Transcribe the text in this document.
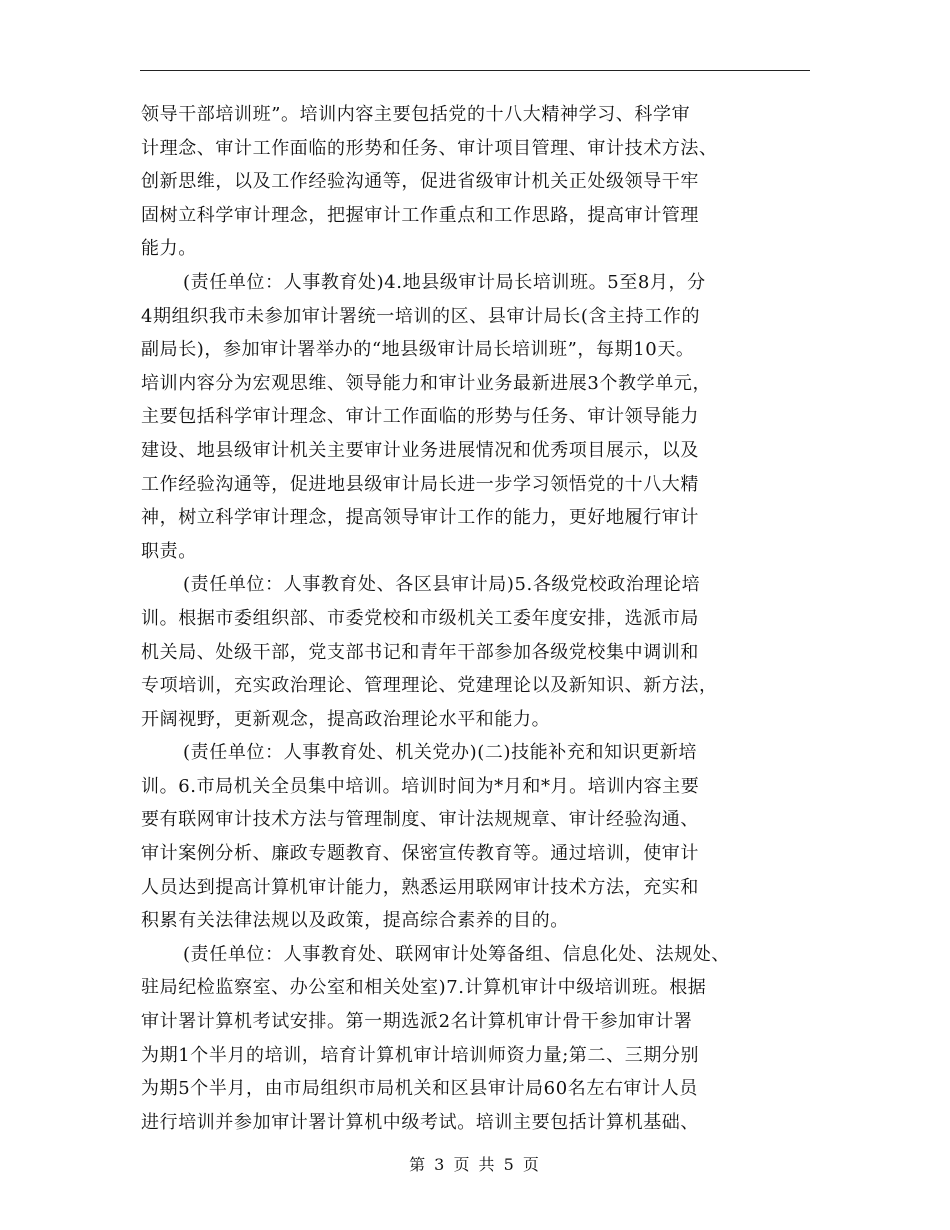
领导干部培训班”。培训内容主要包括党的十八大精神学习、科学审
计理念、审计工作面临的形势和任务、审计项目管理、审计技术方法、
创新思维，以及工作经验沟通等，促进省级审计机关正处级领导干牢
固树立科学审计理念，把握审计工作重点和工作思路，提高审计管理
能力。
(责任单位：人事教育处)4.地县级审计局长培训班。5至8月，分
4期组织我市未参加审计署统一培训的区、县审计局长(含主持工作的
副局长)，参加审计署举办的“地县级审计局长培训班”，每期10天。
培训内容分为宏观思维、领导能力和审计业务最新进展3个教学单元，
主要包括科学审计理念、审计工作面临的形势与任务、审计领导能力
建设、地县级审计机关主要审计业务进展情况和优秀项目展示，以及
工作经验沟通等，促进地县级审计局长进一步学习领悟党的十八大精
神，树立科学审计理念，提高领导审计工作的能力，更好地履行审计
职责。
(责任单位：人事教育处、各区县审计局)5.各级党校政治理论培
训。根据市委组织部、市委党校和市级机关工委年度安排，选派市局
机关局、处级干部，党支部书记和青年干部参加各级党校集中调训和
专项培训，充实政治理论、管理理论、党建理论以及新知识、新方法，
开阔视野，更新观念，提高政治理论水平和能力。
(责任单位：人事教育处、机关党办)(二)技能补充和知识更新培
训。6.市局机关全员集中培训。培训时间为*月和*月。培训内容主要
要有联网审计技术方法与管理制度、审计法规规章、审计经验沟通、
审计案例分析、廉政专题教育、保密宣传教育等。通过培训，使审计
人员达到提高计算机审计能力，熟悉运用联网审计技术方法，充实和
积累有关法律法规以及政策，提高综合素养的目的。
(责任单位：人事教育处、联网审计处筹备组、信息化处、法规处、
驻局纪检监察室、办公室和相关处室)7.计算机审计中级培训班。根据
审计署计算机考试安排。第一期选派2名计算机审计骨干参加审计署
为期1个半月的培训，培育计算机审计培训师资力量;第二、三期分别
为期5个半月，由市局组织市局机关和区县审计局60名左右审计人员
进行培训并参加审计署计算机中级考试。培训主要包括计算机基础、
第 3 页 共 5 页
